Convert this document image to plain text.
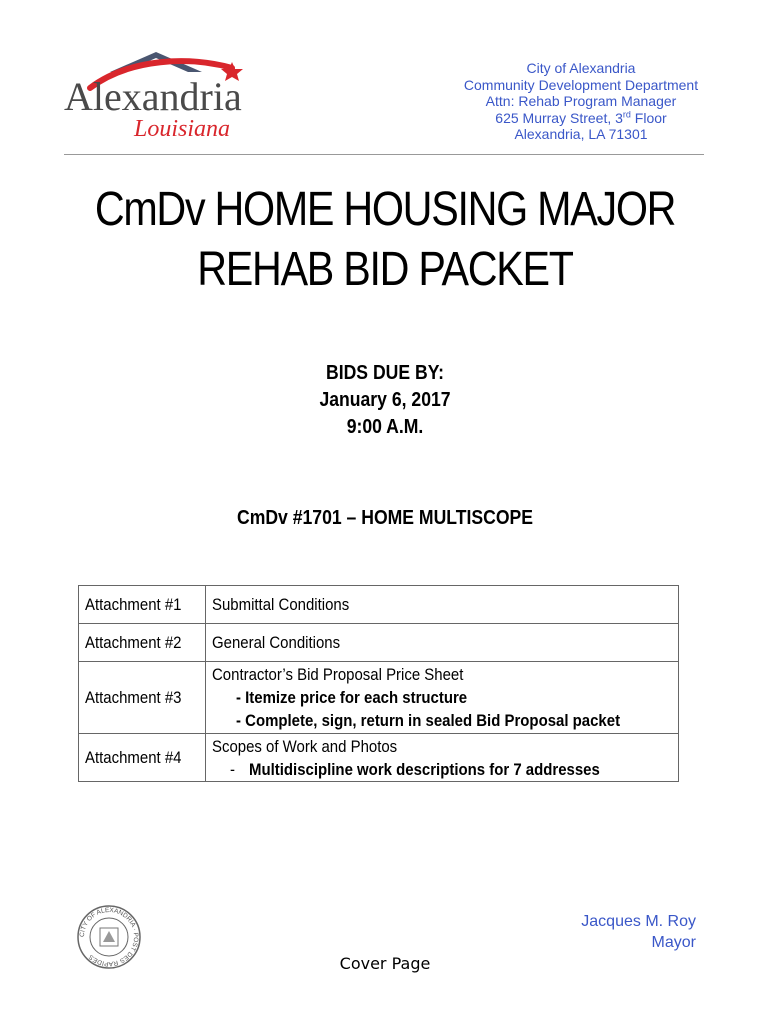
Alexandria
Louisiana
City of Alexandria
Community Development Department
Attn: Rehab Program Manager
625 Murray Street, 3rd Floor
Alexandria, LA 71301
CmDv HOME HOUSING MAJOR
REHAB BID PACKET
BIDS DUE BY:
January 6, 2017
9:00 A.M.
CmDv #1701 – HOME MULTISCOPE
Attachment #1	Submittal Conditions
Attachment #2	General Conditions
Attachment #3	Contractor’s Bid Proposal Price Sheet
- Itemize price for each structure
- Complete, sign, return in sealed Bid Proposal packet

Attachment #4	Scopes of Work and Photos
- Multidiscipline work descriptions for 7 addresses
CITY OF ALEXANDRIA · POST DES RAPIDES
Jacques M. Roy
Mayor
Cover Page
